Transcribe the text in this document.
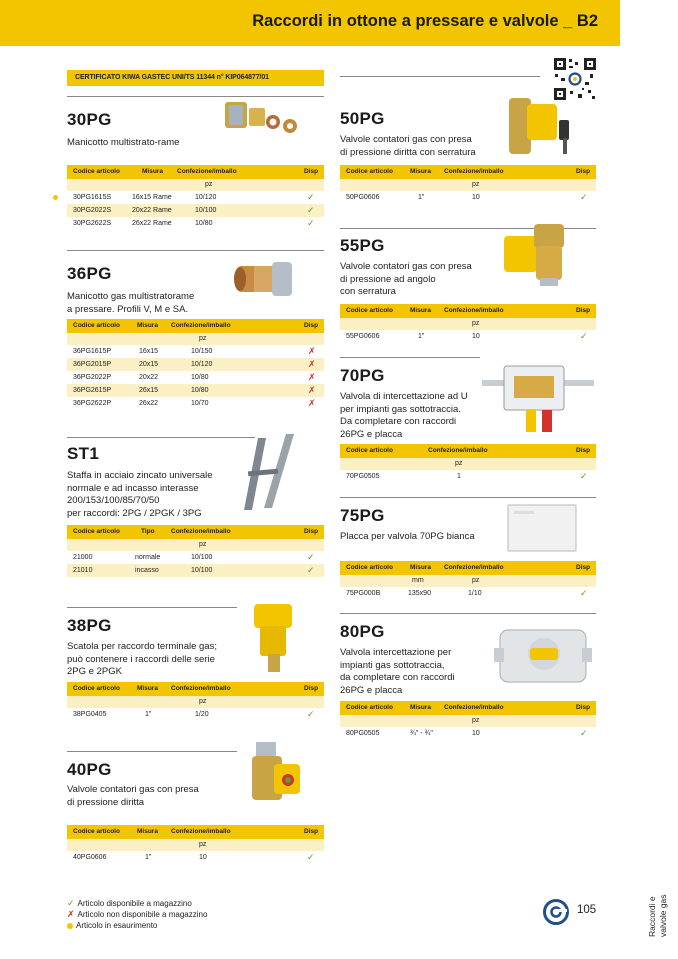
Raccordi in ottone a pressare e valvole _ B2
CERTIFICATO KIWA GASTEC UNI/TS 11344 n° KIP064877/01
30PG
Manicotto multistrato-rame
Codice articolo	Misura Confezione/imballo	Disp
pz
30PG1615S	16x15 Rame	10/120	✓
30PG2022S	20x22 Rame	10/100	✓
30PG2622S	26x22 Rame	10/80	✓
36PG
Manicotto gas multistratorame
a pressare. Profili V, M e SA.
Codice articolo	Misura Confezione/imballo	Disp
pz
36PG1615P	16x15	10/150	✗
36PG2015P	20x15	10/120	✗
36PG2022P	20x22	10/80	✗
36PG2615P	26x15	10/80	✗
36PG2622P	26x22	10/70	✗
ST1
Staffa in acciaio zincato universale
normale e ad incasso interasse
200/153/100/85/70/50
per raccordi: 2PG / 2PGK / 3PG
Codice articolo	Tipo	Confezione/imballo	Disp
pz
21000	normale	10/100	✓
21010	incasso	10/100	✓
38PG
Scatola per raccordo terminale gas;
può contenere i raccordi delle serie
2PG e 2PGK
Codice articolo	Misura Confezione/imballo	Disp
pz
38PG0405	1"	1/20	✓
40PG
Valvole contatori gas con presa
di pressione diritta
Codice articolo	Misura Confezione/imballo	Disp
pz
40PG0606	1"	10	✓
50PG
Valvole contatori gas con presa
di pressione diritta con serratura
Codice articolo	Misura Confezione/imballo	Disp
pz
50PG0606	1"	10	✓
55PG
Valvole contatori gas con presa
di pressione ad angolo
con serratura
Codice articolo	Misura Confezione/imballo	Disp
pz
55PG0606	1"	10	✓
70PG
Valvola di intercettazione ad U
per impianti gas sottotraccia.
Da completare con raccordi
26PG e placca
Codice articolo	Confezione/imballo	Disp
pz
70PG0505	1	✓
75PG
Placca per valvola 70PG bianca
Codice articolo	Misura Confezione/imballo	Disp
mm	pz
75PG000B	135x90	1/10	✓
80PG
Valvola intercettazione per
impianti gas sottotraccia,
da completare con raccordi
26PG e placca
Codice articolo	Misura Confezione/imballo	Disp
pz
80PG0505	¾" - ¾"	10	✓
✓ Articolo disponibile a magazzino
✗ Articolo non disponibile a magazzino
Articolo in esaurimento
105	Raccordi e valvole gas
